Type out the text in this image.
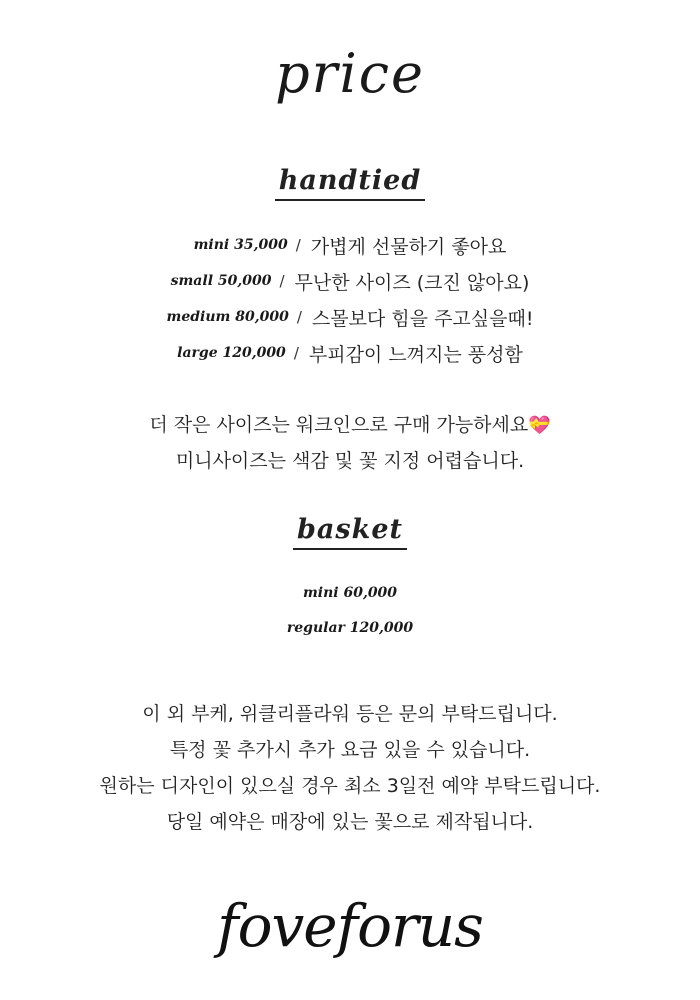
price
handtied
mini 35,000 / 가볍게 선물하기 좋아요
small 50,000 / 무난한 사이즈 (크진 않아요)
medium 80,000 / 스몰보다 힘을 주고싶을때!
large 120,000 / 부피감이 느껴지는 풍성함
더 작은 사이즈는 워크인으로 구매 가능하세요💝
미니사이즈는 색감 및 꽃 지정 어렵습니다.
basket
mini 60,000
regular 120,000
이 외 부케, 위클리플라워 등은 문의 부탁드립니다.
특정 꽃 추가시 추가 요금 있을 수 있습니다.
원하는 디자인이 있으실 경우 최소 3일전 예약 부탁드립니다.
당일 예약은 매장에 있는 꽃으로 제작됩니다.
foveforus
